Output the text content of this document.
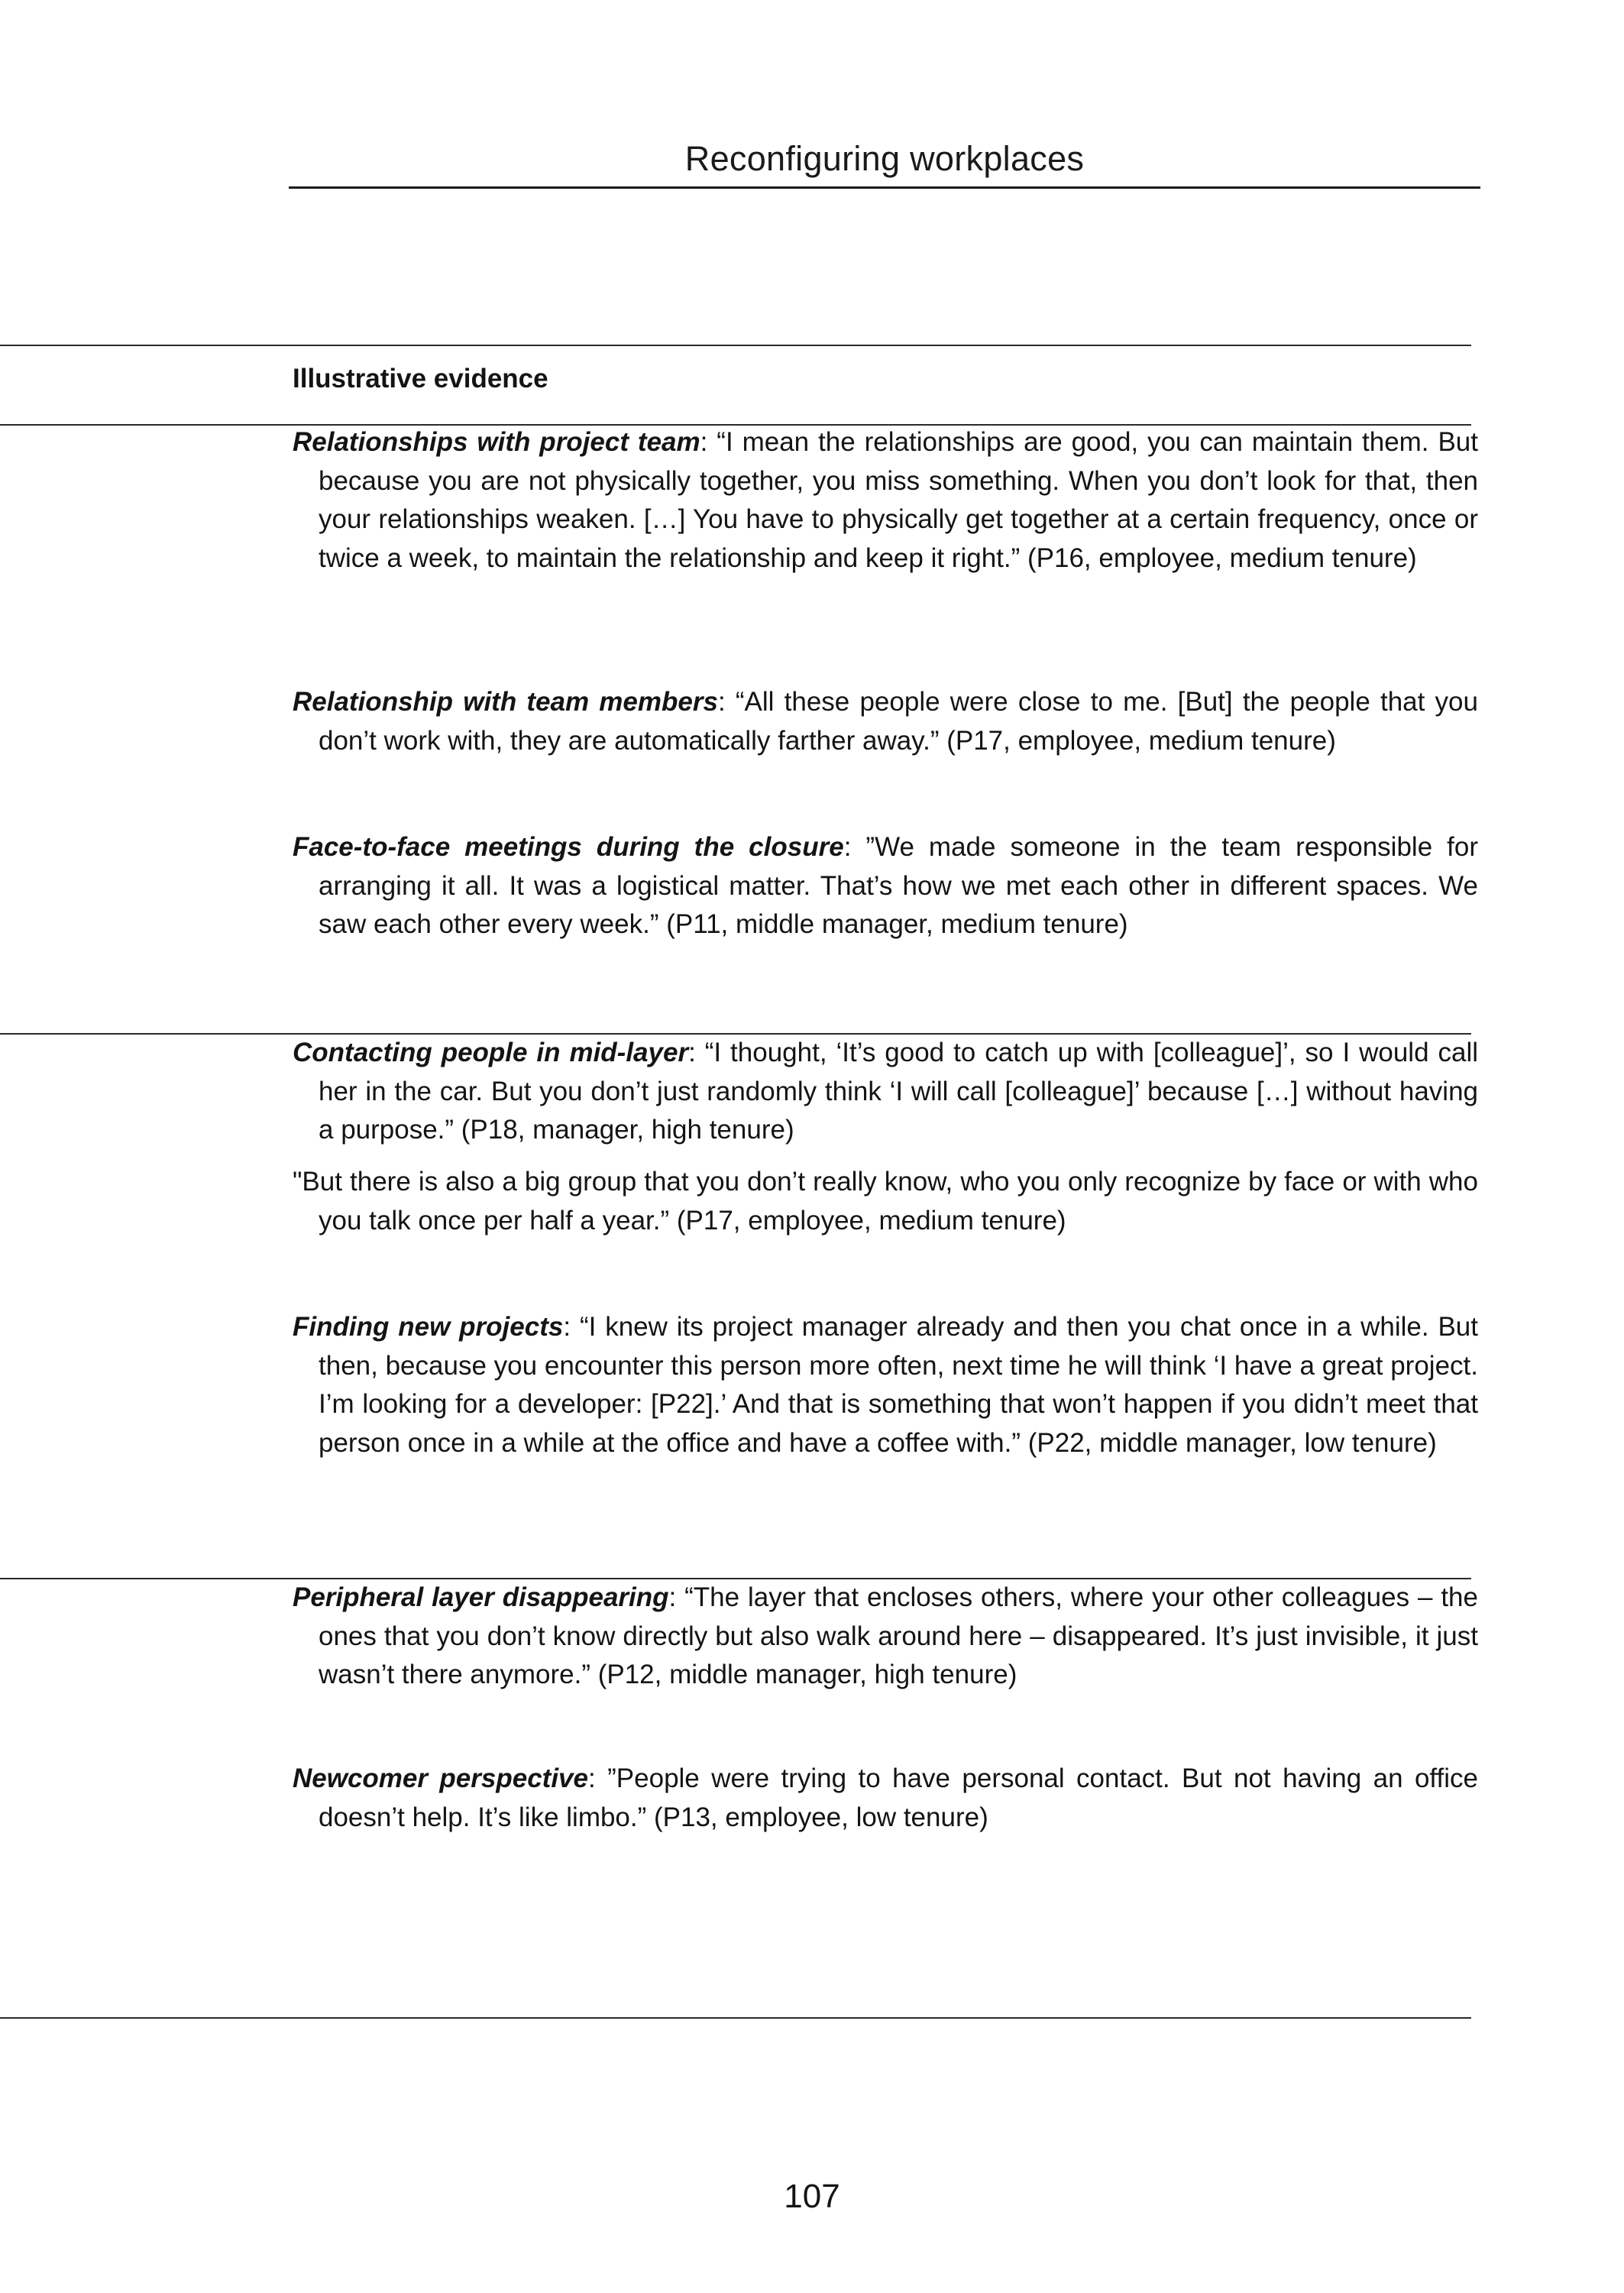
Reconfiguring workplaces
Illustrative evidence
Relationships with project team: “I mean the relationships are good, you can maintain them. But because you are not physically together, you miss something. When you don’t look for that, then your relationships weaken. […] You have to physically get together at a certain frequency, once or twice a week, to maintain the relationship and keep it right.” (P16, employee, medium tenure)
Relationship with team members: “All these people were close to me. [But] the people that you don’t work with, they are automatically farther away.” (P17, employee, medium tenure)
Face-to-face meetings during the closure: ”We made someone in the team responsible for arranging it all. It was a logistical matter. That’s how we met each other in different spaces. We saw each other every week.” (P11, middle manager, medium tenure)
Contacting people in mid-layer: “I thought, ‘It’s good to catch up with [colleague]’, so I would call her in the car. But you don’t just randomly think ‘I will call [colleague]’ because […] without having a purpose.” (P18, manager, high tenure)
"But there is also a big group that you don’t really know, who you only recognize by face or with who you talk once per half a year.” (P17, employee, medium tenure)
Finding new projects: “I knew its project manager already and then you chat once in a while. But then, because you encounter this person more often, next time he will think ‘I have a great project. I’m looking for a developer: [P22].’ And that is something that won’t happen if you didn’t meet that person once in a while at the office and have a coffee with.” (P22, middle manager, low tenure)
Peripheral layer disappearing: “The layer that encloses others, where your other colleagues – the ones that you don’t know directly but also walk around here – disappeared. It’s just invisible, it just wasn’t there anymore.” (P12, middle manager, high tenure)
Newcomer perspective: ”People were trying to have personal contact. But not having an office doesn’t help. It’s like limbo.” (P13, employee, low tenure)
107
